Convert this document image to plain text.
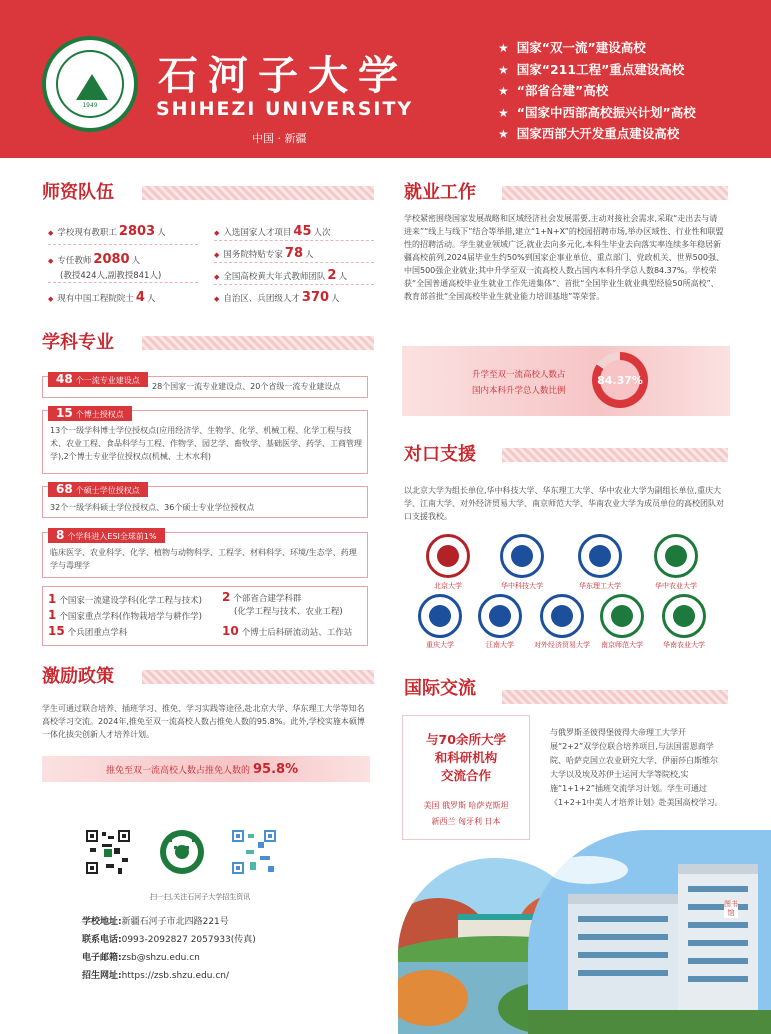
1949
石河子大学
SHIHEZI UNIVERSITY
中国 · 新疆
★ 国家“双一流”建设高校
★ 国家“211工程”重点建设高校
★ “部省合建”高校
★ “国家中西部高校振兴计划”高校
★ 国家西部大开发重点建设高校
师资队伍
◆ 学校现有教职工 2803 人
◆ 专任教师 2080 人
(教授424人,副教授841人)
◆ 现有中国工程院院士 4 人
◆ 入选国家人才项目 45 人次
◆ 国务院特贴专家 78 人
◆ 全国高校黄大年式教师团队 2 人
◆ 自治区、兵团级人才 370 人
学科专业
48 个一流专业建设点
28个国家一流专业建设点、20个省级一流专业建设点
15 个博士授权点
13个一级学科博士学位授权点(应用经济学、生物学、化学、机械工程、化学工程与技术、农业工程、食品科学与工程、作物学、园艺学、畜牧学、基础医学、药学、工商管理学),2个博士专业学位授权点(机械、土木水利)
68 个硕士学位授权点
32个一级学科硕士学位授权点、36个硕士专业学位授权点
8 个学科进入ESI全球前1%
临床医学、农业科学、化学、植物与动物科学、工程学、材料科学、环境/生态学、药理学与毒理学
1 个国家一流建设学科(化学工程与技术)
1 个国家重点学科(作物栽培学与耕作学)
15 个兵团重点学科
2 个部省合建学科群
(化学工程与技术、农业工程)
10 个博士后科研流动站、工作站
激励政策
学生可通过联合培养、插班学习、推免、学习实践等途径,赴北京大学、华东理工大学等知名高校学习交流。2024年,推免至双一流高校人数占推免人数的95.8%。此外,学校实施本硕博一体化拔尖创新人才培养计划。
推免至双一流高校人数占推免人数的 95.8%
扫一扫,关注石河子大学招生资讯
学校地址:新疆石河子市北四路221号
联系电话:0993-2092827 2057933(传真)
电子邮箱:zsb@shzu.edu.cn
招生网址:https://zsb.shzu.edu.cn/
就业工作
学校紧密围绕国家发展战略和区域经济社会发展需要,主动对接社会需求,采取“走出去与请进来”“线上与线下”结合等举措,建立“1+N+X”的校园招聘市场,举办区域性、行业性和联盟性的招聘活动。学生就业领域广泛,就业去向多元化,本科生毕业去向落实率连续多年稳居新疆高校前列,2024届毕业生约50%到国家企事业单位、重点部门、党政机关、世界500强、中国500强企业就业;其中升学至双一流高校人数占国内本科升学总人数84.37%。学校荣获“全国普通高校毕业生就业工作先进集体”、首批“全国毕业生就业典型经验50所高校”、教育部首批“全国高校毕业生就业能力培训基地”等荣誉。
升学至双一流高校人数占
国内本科升学总人数比例
84.37%
对口支援
以北京大学为组长单位,华中科技大学、华东理工大学、华中农业大学为副组长单位,重庆大学、江南大学、对外经济贸易大学、南京师范大学、华南农业大学为成员单位的高校团队对口支援我校。
北京大学	华中科技大学	华东理工大学	华中农业大学
重庆大学	江南大学	对外经济贸易大学	南京师范大学	华南农业大学
国际交流
与70余所大学
和科研机构
交流合作
美国 俄罗斯 哈萨克斯坦
新西兰 匈牙利 日本
与俄罗斯圣彼得堡彼得大帝理工大学开展“2+2”双学位联合培养项目,与法国雷恩商学院、哈萨克国立农业研究大学、伊丽莎白斯维尔大学以及埃及苏伊士运河大学等院校,实施“1+1+2”插班交流学习计划。学生可通过《1+2+1中美人才培养计划》赴美国高校学习。
图书馆
